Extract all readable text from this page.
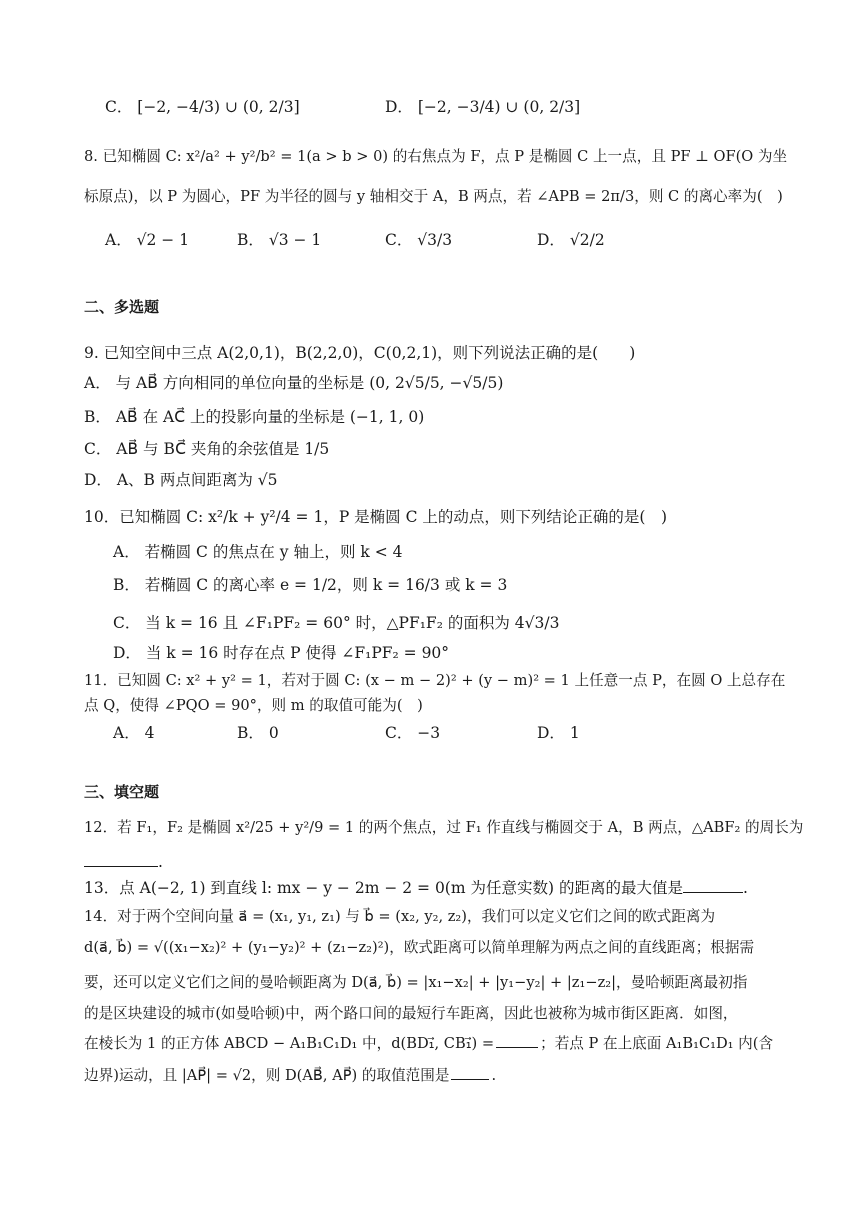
C． [−2, −4/3) ∪ (0, 2/3]	D． [−2, −3/4) ∪ (0, 2/3]
8. 已知椭圆 C: x²/a² + y²/b² = 1(a > b > 0) 的右焦点为 F，点 P 是椭圆 C 上一点，且 PF ⊥ OF(O 为坐
标原点)，以 P 为圆心，PF 为半径的圆与 y 轴相交于 A，B 两点，若 ∠APB = 2π/3，则 C 的离心率为(　)
A． √2 − 1	B． √3 − 1	C． √3/3	D． √2/2
二、多选题
9. 已知空间中三点 A(2,0,1)，B(2,2,0)，C(0,2,1)，则下列说法正确的是(　　)
A． 与 AB⃗ 方向相同的单位向量的坐标是 (0, 2√5/5, −√5/5)
B． AB⃗ 在 AC⃗ 上的投影向量的坐标是 (−1, 1, 0)
C． AB⃗ 与 BC⃗ 夹角的余弦值是 1/5
D． A、B 两点间距离为 √5
10．已知椭圆 C: x²/k + y²/4 = 1，P 是椭圆 C 上的动点，则下列结论正确的是(　)
A． 若椭圆 C 的焦点在 y 轴上，则 k < 4
B． 若椭圆 C 的离心率 e = 1/2，则 k = 16/3 或 k = 3
C． 当 k = 16 且 ∠F₁PF₂ = 60° 时，△PF₁F₂ 的面积为 4√3/3
D． 当 k = 16 时存在点 P 使得 ∠F₁PF₂ = 90°
11．已知圆 C: x² + y² = 1，若对于圆 C: (x − m − 2)² + (y − m)² = 1 上任意一点 P，在圆 O 上总存在
点 Q，使得 ∠PQO = 90°，则 m 的取值可能为(　)
A． 4	B． 0	C． −3	D． 1
三、填空题
12．若 F₁，F₂ 是椭圆 x²/25 + y²/9 = 1 的两个焦点，过 F₁ 作直线与椭圆交于 A，B 两点，△ABF₂ 的周长为
.
13．点 A(−2, 1) 到直线 l: mx − y − 2m − 2 = 0(m 为任意实数) 的距离的最大值是	.
14．对于两个空间向量 a⃗ = (x₁, y₁, z₁) 与 b⃗ = (x₂, y₂, z₂)，我们可以定义它们之间的欧式距离为
d(a⃗, b⃗) = √((x₁−x₂)² + (y₁−y₂)² + (z₁−z₂)²)，欧式距离可以简单理解为两点之间的直线距离；根据需
要，还可以定义它们之间的曼哈顿距离为 D(a⃗, b⃗) = |x₁−x₂| + |y₁−y₂| + |z₁−z₂|，曼哈顿距离最初指
的是区块建设的城市(如曼哈顿)中，两个路口间的最短行车距离，因此也被称为城市街区距离．如图，
在棱长为 1 的正方体 ABCD − A₁B₁C₁D₁ 中，d(BD₁⃗, CB₁⃗) =	；若点 P 在上底面 A₁B₁C₁D₁ 内(含
边界)运动，且 |AP⃗| = √2，则 D(AB⃗, AP⃗) 的取值范围是	.
